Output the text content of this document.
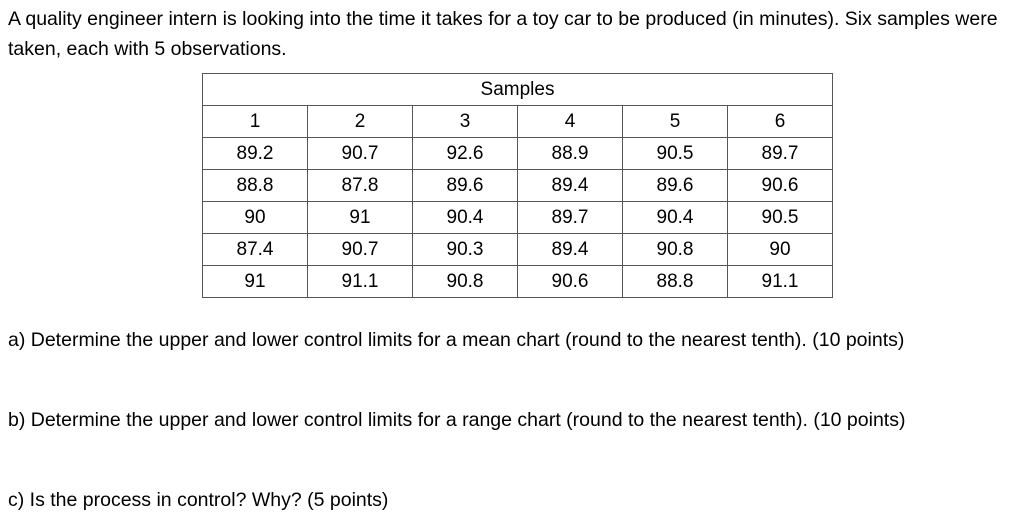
A quality engineer intern is looking into the time it takes for a toy car to be produced (in minutes). Six samples were taken, each with 5 observations.

Samples					
1	2	3	4	5	6
89.2	90.7	92.6	88.9	90.5	89.7
88.8	87.8	89.6	89.4	89.6	90.6
90	91	90.4	89.7	90.4	90.5
87.4	90.7	90.3	89.4	90.8	90
91	91.1	90.8	90.6	88.8	91.1

a) Determine the upper and lower control limits for a mean chart (round to the nearest tenth). (10 points)

b) Determine the upper and lower control limits for a range chart (round to the nearest tenth). (10 points)

c) Is the process in control? Why? (5 points)
